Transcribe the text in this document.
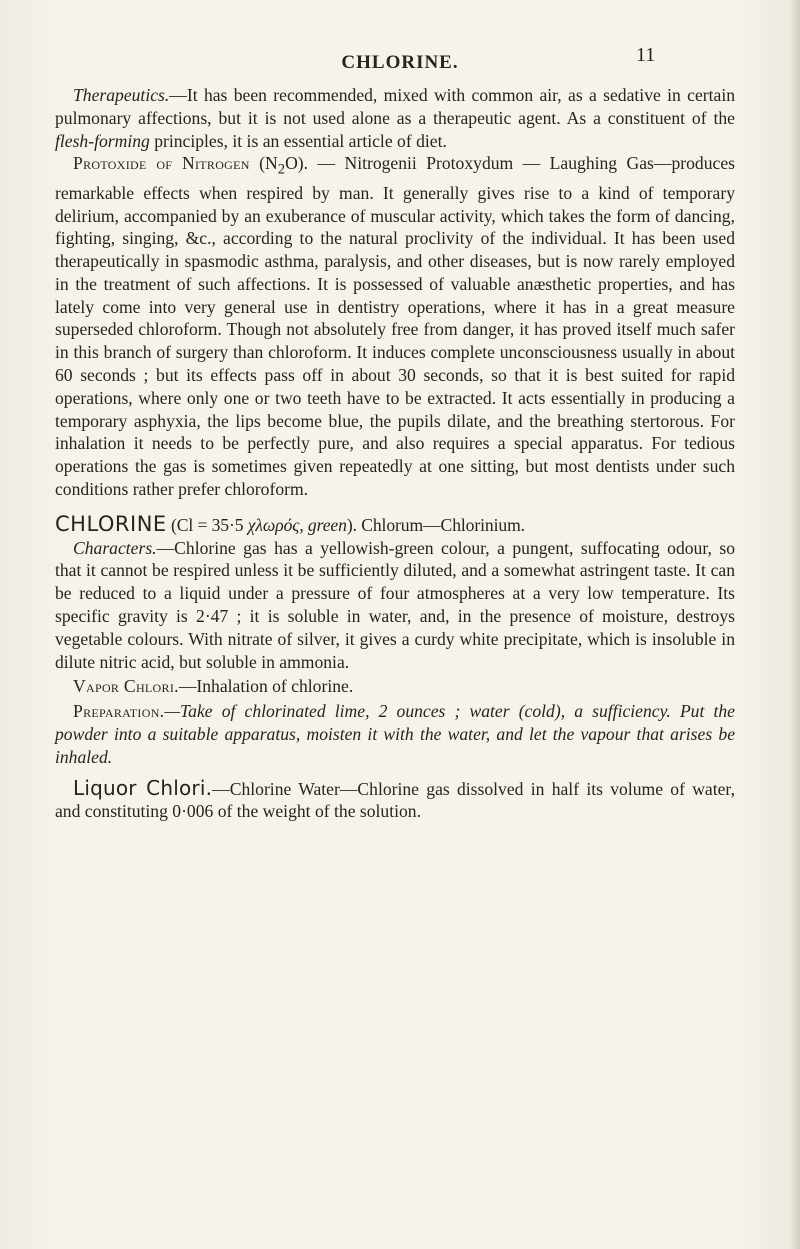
CHLORINE.	11

Therapeutics.—It has been recommended, mixed with common air, as a sedative in certain pulmonary affections, but it is not used alone as a therapeutic agent. As a constituent of the flesh-forming principles, it is an essential article of diet.

Protoxide of Nitrogen $(N_2O)$. — Nitrogenii Protoxydum — Laughing Gas—produces remarkable effects when respired by man. It generally gives rise to a kind of temporary delirium, accompanied by an exuberance of muscular activity, which takes the form of dancing, fighting, singing, &c., according to the natural proclivity of the individual. It has been used therapeutically in spasmodic asthma, paralysis, and other diseases, but is now rarely employed in the treatment of such affections. It is possessed of valuable anæsthetic properties, and has lately come into very general use in dentistry operations, where it has in a great measure superseded chloroform. Though not absolutely free from danger, it has proved itself much safer in this branch of surgery than chloroform. It induces complete unconsciousness usually in about 60 seconds ; but its effects pass off in about 30 seconds, so that it is best suited for rapid operations, where only one or two teeth have to be extracted. It acts essentially in producing a temporary asphyxia, the lips become blue, the pupils dilate, and the breathing stertorous. For inhalation it needs to be perfectly pure, and also requires a special apparatus. For tedious operations the gas is sometimes given repeatedly at one sitting, but most dentists under such conditions rather prefer chloroform.

CHLORINE (Cl = 35·5 χλωρός, green). Chlorum—Chlorinium.

Characters.—Chlorine gas has a yellowish-green colour, a pungent, suffocating odour, so that it cannot be respired unless it be sufficiently diluted, and a somewhat astringent taste. It can be reduced to a liquid under a pressure of four atmospheres at a very low temperature. Its specific gravity is 2·47 ; it is soluble in water, and, in the presence of moisture, destroys vegetable colours. With nitrate of silver, it gives a curdy white precipitate, which is insoluble in dilute nitric acid, but soluble in ammonia.

Vapor Chlori.—Inhalation of chlorine.

Preparation.—Take of chlorinated lime, 2 ounces ; water (cold), a sufficiency. Put the powder into a suitable apparatus, moisten it with the water, and let the vapour that arises be inhaled.

Liquor Chlori.—Chlorine Water—Chlorine gas dissolved in half its volume of water, and constituting 0·006 of the weight of the solution.
